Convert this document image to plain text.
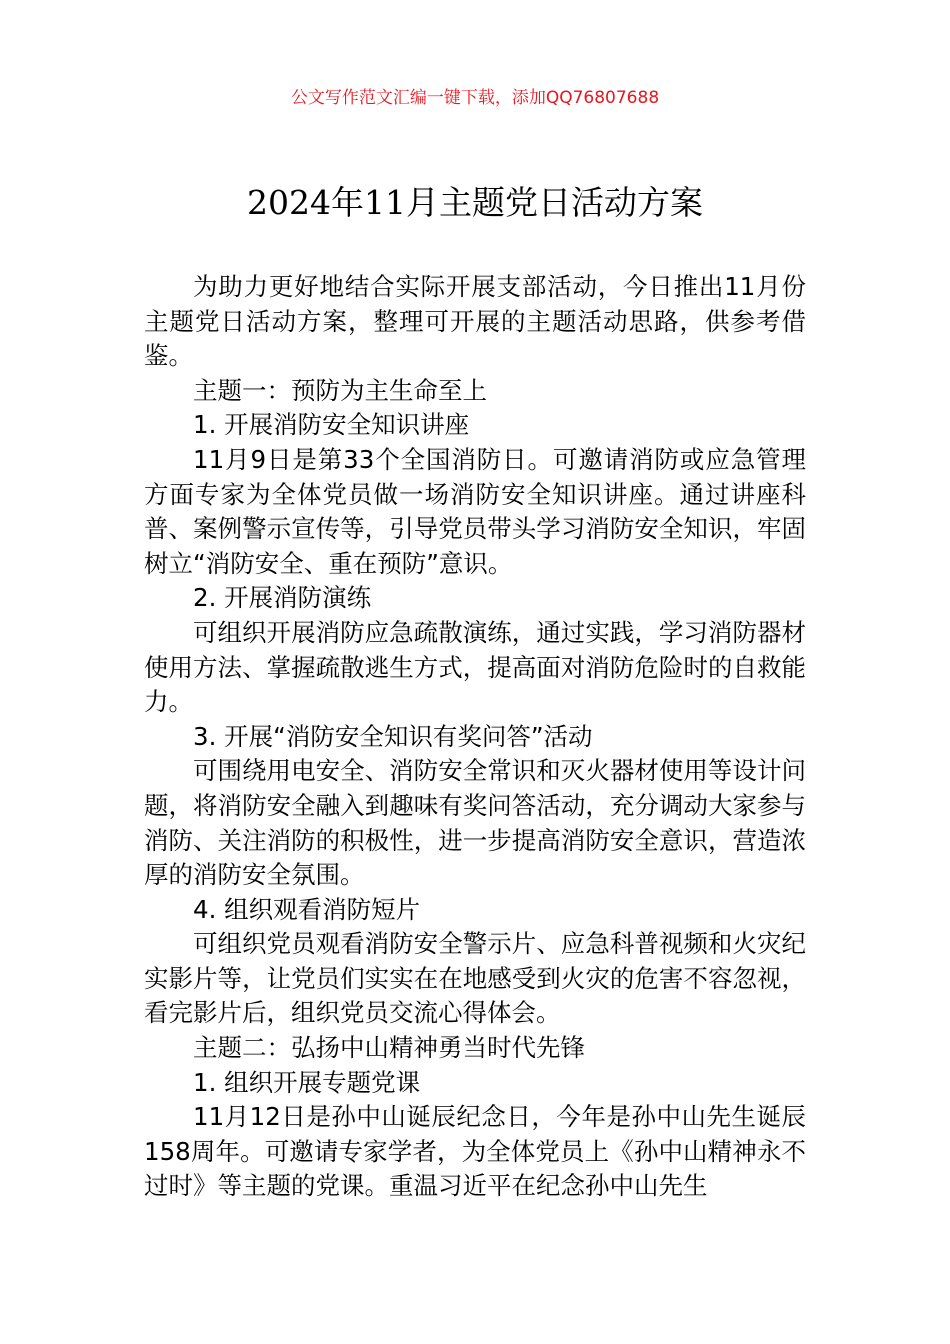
公文写作范文汇编一键下载，添加QQ76807688
2024年11月主题党日活动方案

为助力更好地结合实际开展支部活动，今日推出11月份主题党日活动方案，整理可开展的主题活动思路，供参考借鉴。

主题一：预防为主生命至上

1. 开展消防安全知识讲座

11月9日是第33个全国消防日。可邀请消防或应急管理方面专家为全体党员做一场消防安全知识讲座。通过讲座科普、案例警示宣传等，引导党员带头学习消防安全知识，牢固树立“消防安全、重在预防”意识。

2. 开展消防演练

可组织开展消防应急疏散演练，通过实践，学习消防器材使用方法、掌握疏散逃生方式，提高面对消防危险时的自救能力。

3. 开展“消防安全知识有奖问答”活动

可围绕用电安全、消防安全常识和灭火器材使用等设计问题，将消防安全融入到趣味有奖问答活动，充分调动大家参与消防、关注消防的积极性，进一步提高消防安全意识，营造浓厚的消防安全氛围。

4. 组织观看消防短片

可组织党员观看消防安全警示片、应急科普视频和火灾纪实影片等，让党员们实实在在地感受到火灾的危害不容忽视，看完影片后，组织党员交流心得体会。

主题二：弘扬中山精神勇当时代先锋

1. 组织开展专题党课

11月12日是孙中山诞辰纪念日，今年是孙中山先生诞辰158周年。可邀请专家学者，为全体党员上《孙中山精神永不过时》等主题的党课。重温习近平在纪念孙中山先生
